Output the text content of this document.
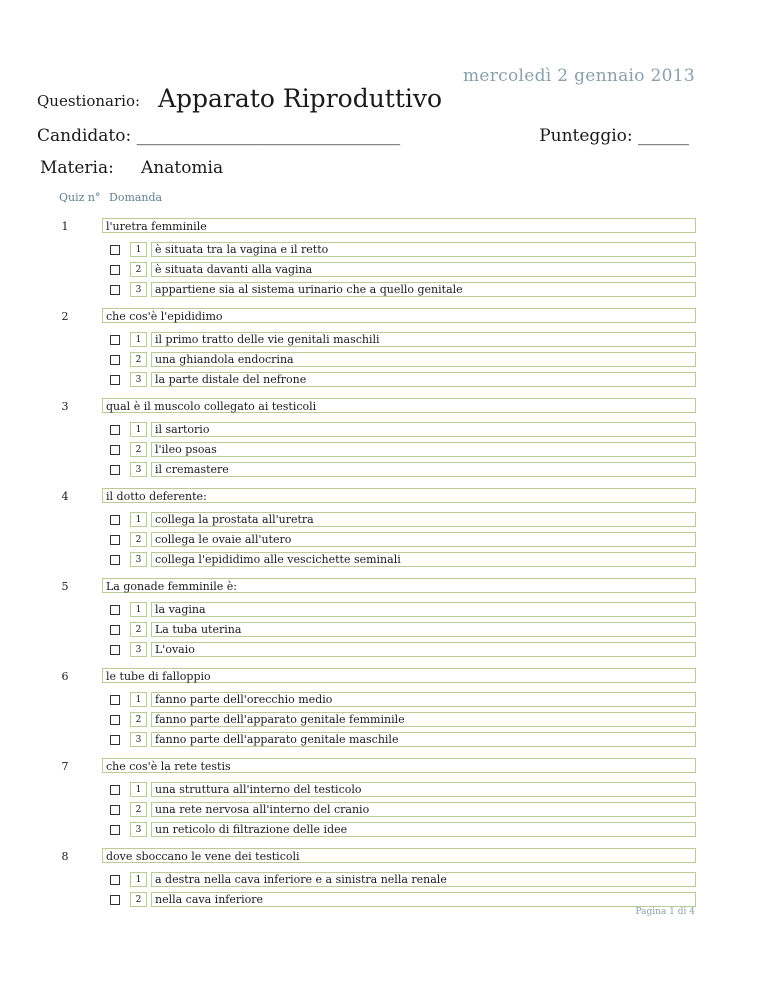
mercoledì 2 gennaio 2013
Questionario: Apparato Riproduttivo
Candidato: _______________________________	Punteggio: ______
Materia: Anatomia
Quiz n° Domanda
1	l'uretra femminile
1	è situata tra la vagina e il retto
2	è situata davanti alla vagina
3	appartiene sia al sistema urinario che a quello genitale
2	che cos'è l'epididimo
1	il primo tratto delle vie genitali maschili
2	una ghiandola endocrina
3	la parte distale del nefrone
3	qual è il muscolo collegato ai testicoli
1	il sartorio
2	l'ileo psoas
3	il cremastere
4	il dotto deferente:
1	collega la prostata all'uretra
2	collega le ovaie all'utero
3	collega l'epididimo alle vescichette seminali
5	La gonade femminile è:
1	la vagina
2	La tuba uterina
3	L'ovaio
6	le tube di falloppio
1	fanno parte dell'orecchio medio
2	fanno parte dell'apparato genitale femminile
3	fanno parte dell'apparato genitale maschile
7	che cos'è la rete testis
1	una struttura all'interno del testicolo
2	una rete nervosa all'interno del cranio
3	un reticolo di filtrazione delle idee
8	dove sboccano le vene dei testicoli
1	a destra nella cava inferiore e a sinistra nella renale
2	nella cava inferiore
Pagina 1 di 4
